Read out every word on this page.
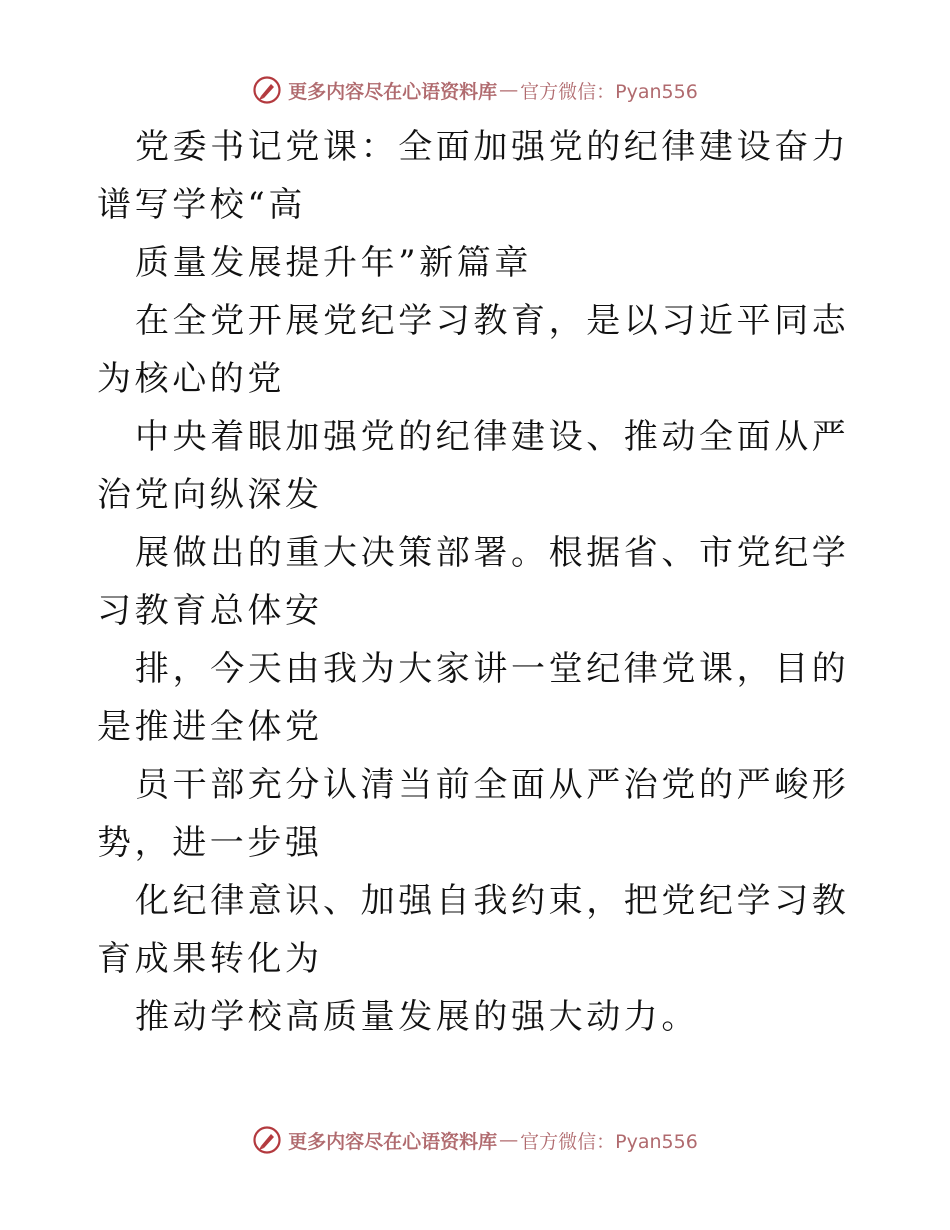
更多内容尽在心语资料库 — 官方微信：Pyan556

党委书记党课：全面加强党的纪律建设奋力谱写学校“高

质量发展提升年”新篇章

在全党开展党纪学习教育，是以习近平同志为核心的党

中央着眼加强党的纪律建设、推动全面从严治党向纵深发

展做出的重大决策部署。根据省、市党纪学习教育总体安

排，今天由我为大家讲一堂纪律党课，目的是推进全体党

员干部充分认清当前全面从严治党的严峻形势，进一步强

化纪律意识、加强自我约束，把党纪学习教育成果转化为

推动学校高质量发展的强大动力。

更多内容尽在心语资料库 — 官方微信：Pyan556
